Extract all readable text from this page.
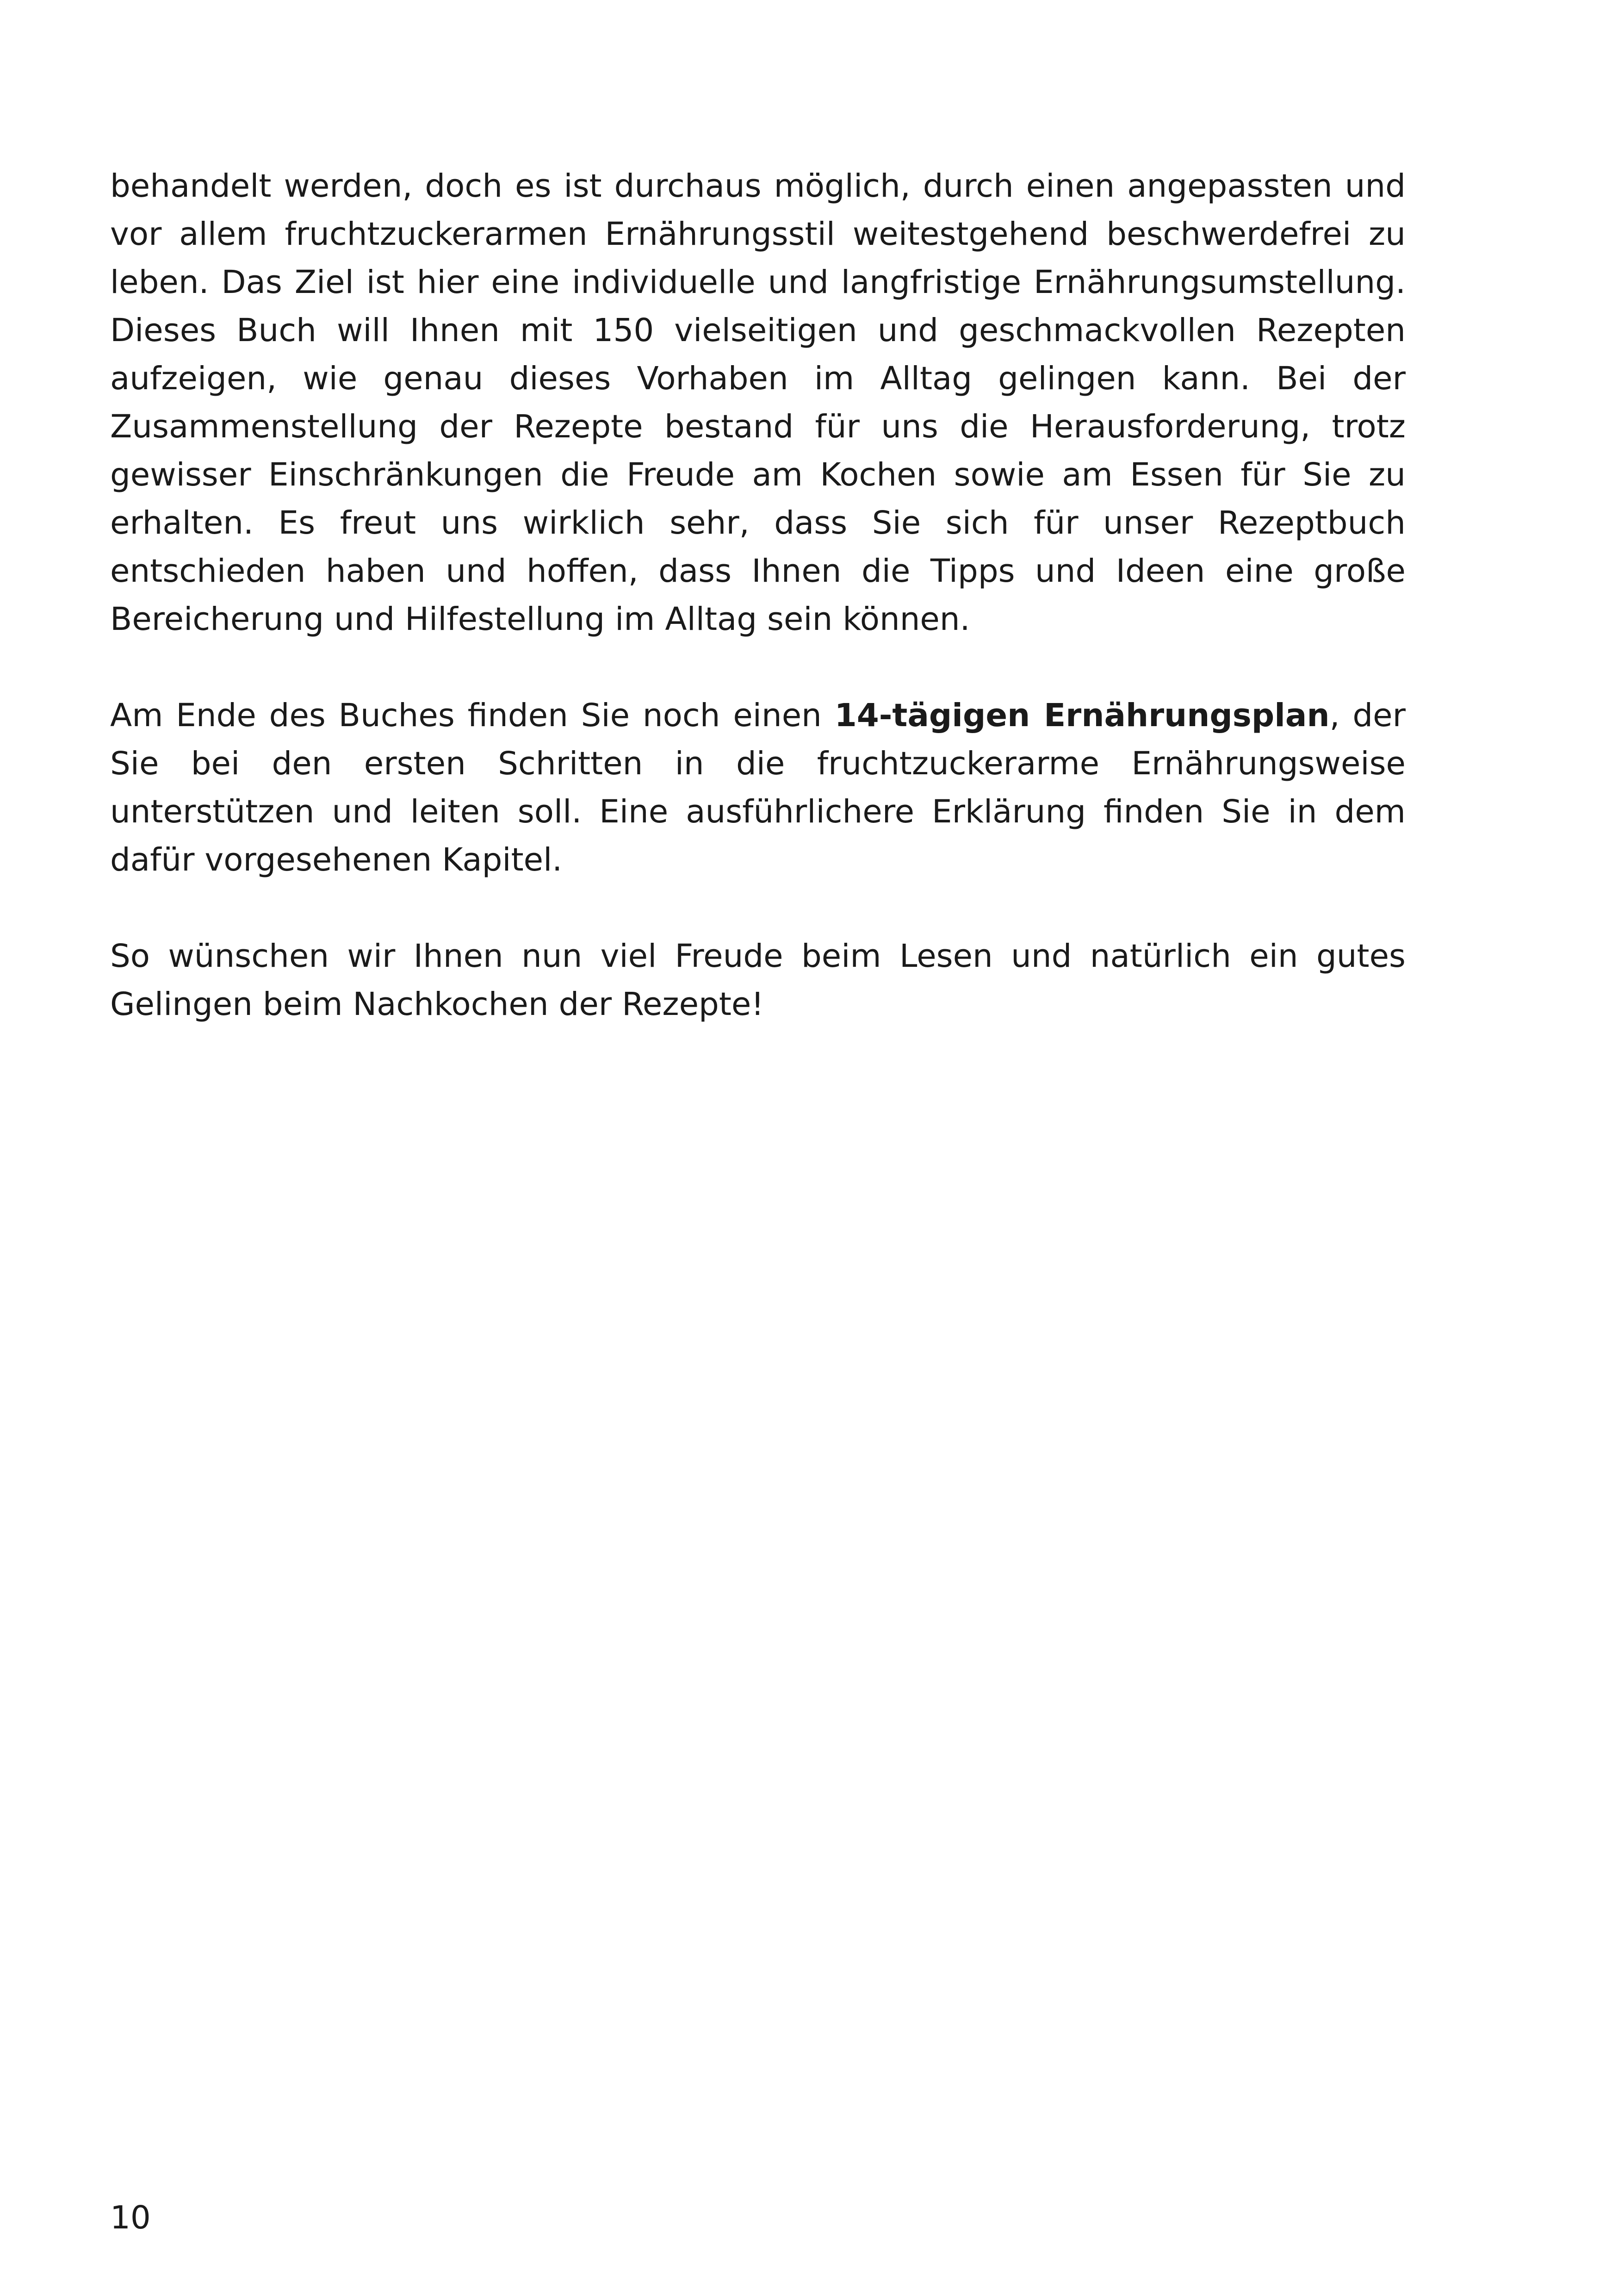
behandelt werden, doch es ist durchaus möglich, durch einen angepassten und vor allem fruchtzuckerarmen Ernährungsstil weitestgehend beschwerdefrei zu leben. Das Ziel ist hier eine individuelle und langfristige Ernährungsumstellung. Dieses Buch will Ihnen mit 150 vielseitigen und geschmackvollen Rezepten aufzeigen, wie genau dieses Vorhaben im Alltag gelingen kann. Bei der Zusammenstellung der Rezepte bestand für uns die Herausforderung, trotz gewisser Einschränkungen die Freude am Kochen sowie am Essen für Sie zu erhalten. Es freut uns wirklich sehr, dass Sie sich für unser Rezeptbuch entschieden haben und hoffen, dass Ihnen die Tipps und Ideen eine große Bereicherung und Hilfestellung im Alltag sein können.

Am Ende des Buches finden Sie noch einen 14-tägigen Ernährungsplan, der Sie bei den ersten Schritten in die fruchtzuckerarme Ernährungsweise unterstützen und leiten soll. Eine ausführlichere Erklärung finden Sie in dem dafür vorgesehenen Kapitel.

So wünschen wir Ihnen nun viel Freude beim Lesen und natürlich ein gutes Gelingen beim Nachkochen der Rezepte!

10
